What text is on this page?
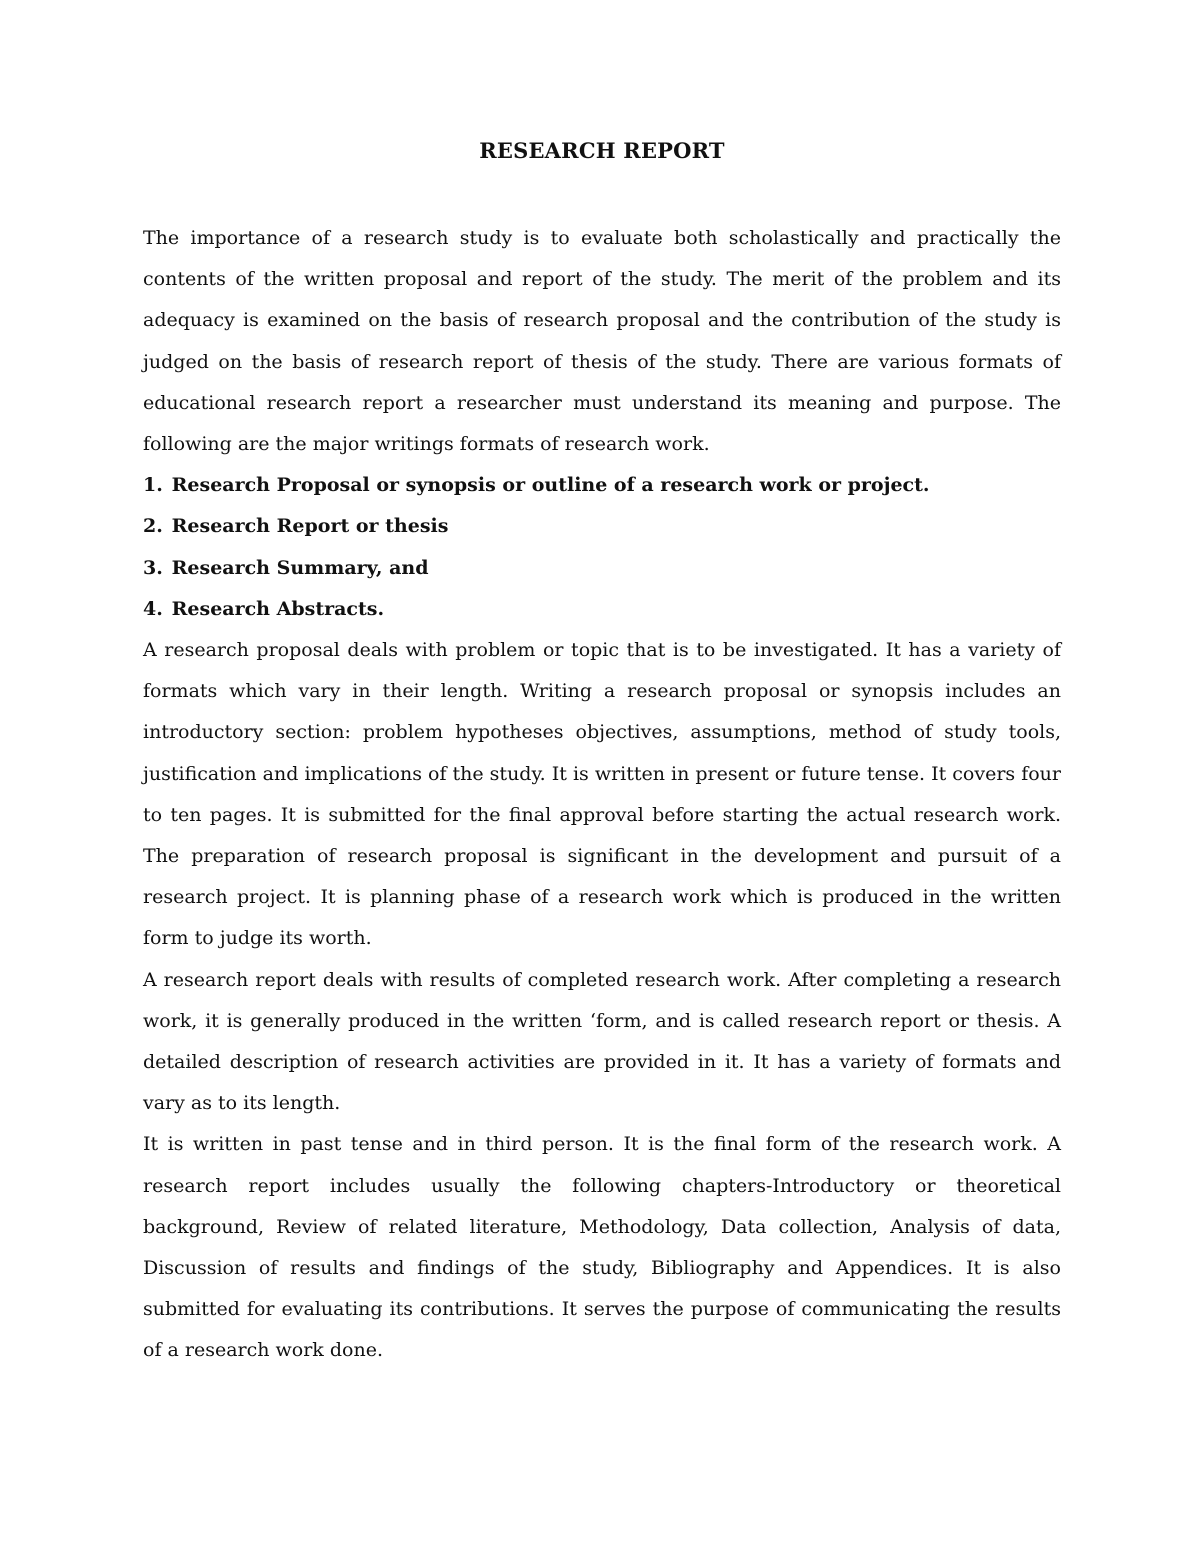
RESEARCH REPORT

The importance of a research study is to evaluate both scholastically and practically the contents of the written proposal and report of the study. The merit of the problem and its adequacy is examined on the basis of research proposal and the contribution of the study is judged on the basis of research report of thesis of the study. There are various formats of educational research report a researcher must understand its meaning and purpose. The following are the major writings formats of research work.

1. Research Proposal or synopsis or outline of a research work or project.
2. Research Report or thesis
3. Research Summary, and
4. Research Abstracts.

A research proposal deals with problem or topic that is to be investigated. It has a variety of formats which vary in their length. Writing a research proposal or synopsis includes an introductory section: problem hypotheses objectives, assumptions, method of study tools, justification and implications of the study. It is written in present or future tense. It covers four to ten pages. It is submitted for the final approval before starting the actual research work. The preparation of research proposal is significant in the development and pursuit of a research project. It is planning phase of a research work which is produced in the written form to judge its worth.

A research report deals with results of completed research work. After completing a research work, it is generally produced in the written ‘form, and is called research report or thesis. A detailed description of research activities are provided in it. It has a variety of formats and vary as to its length.

It is written in past tense and in third person. It is the final form of the research work. A research report includes usually the following chapters-Introductory or theoretical background, Review of related literature, Methodology, Data collection, Analysis of data, Discussion of results and findings of the study, Bibliography and Appendices. It is also submitted for evaluating its contributions. It serves the purpose of communicating the results of a research work done.
